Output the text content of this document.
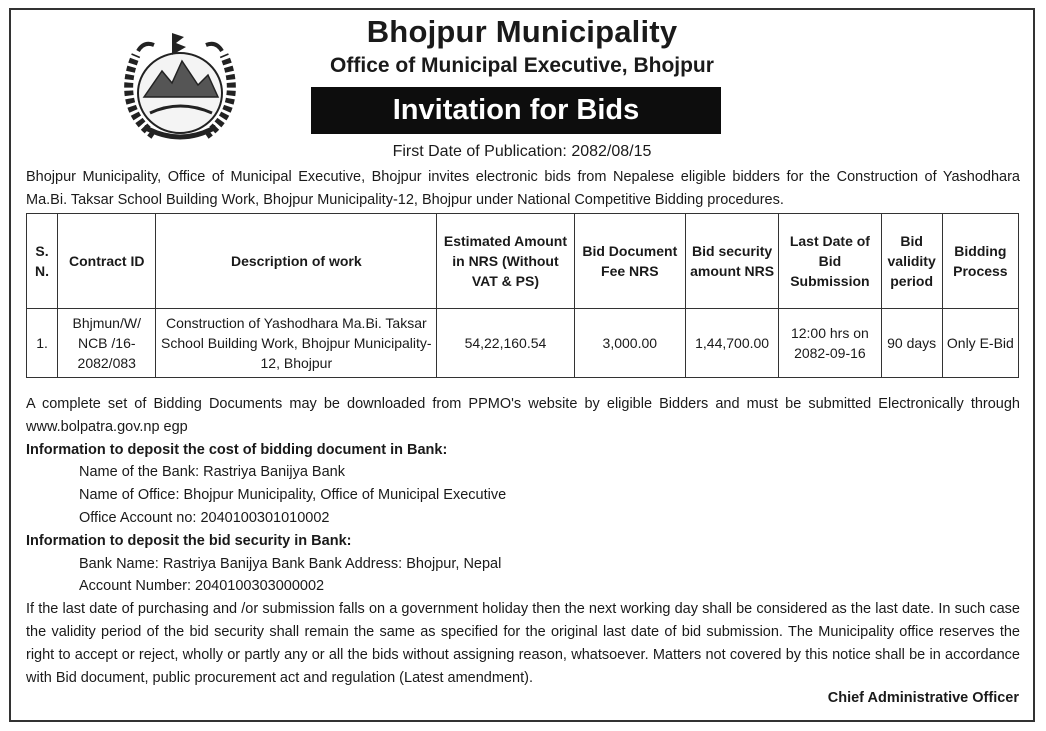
Bhojpur Municipality
Office of Municipal Executive, Bhojpur
Invitation for Bids
First Date of Publication: 2082/08/15
Bhojpur Municipality, Office of Municipal Executive, Bhojpur invites electronic bids from Nepalese eligible bidders for the Construction of Yashodhara Ma.Bi. Taksar School Building Work, Bhojpur Municipality-12, Bhojpur under National Competitive Bidding procedures.
S. N.	Contract ID	Description of work	Estimated Amount in NRS (Without VAT & PS)	Bid Document Fee NRS	Bid security amount NRS	Last Date of Bid Submission	Bid validity period	Bidding Process
1.	Bhjmun/W/ NCB /16-2082/083	Construction of Yashodhara Ma.Bi. Taksar School Building Work, Bhojpur Municipality- 12, Bhojpur	54,22,160.54	3,000.00	1,44,700.00	12:00 hrs on 2082-09-16	90 days	Only E-Bid

A complete set of Bidding Documents may be downloaded from PPMO's website by eligible Bidders and must be submitted Electronically through www.bolpatra.gov.np egp

Information to deposit the cost of bidding document in Bank:

Name of the Bank: Rastriya Banijya Bank

Name of Office: Bhojpur Municipality, Office of Municipal Executive

Office Account no: 2040100301010002

Information to deposit the bid security in Bank:

Bank Name: Rastriya Banijya Bank Bank Address: Bhojpur, Nepal

Account Number: 2040100303000002

If the last date of purchasing and /or submission falls on a government holiday then the next working day shall be considered as the last date. In such case the validity period of the bid security shall remain the same as specified for the original last date of bid submission. The Municipality office reserves the right to accept or reject, wholly or partly any or all the bids without assigning reason, whatsoever. Matters not covered by this notice shall be in accordance with Bid document, public procurement act and regulation (Latest amendment).

Chief Administrative Officer
